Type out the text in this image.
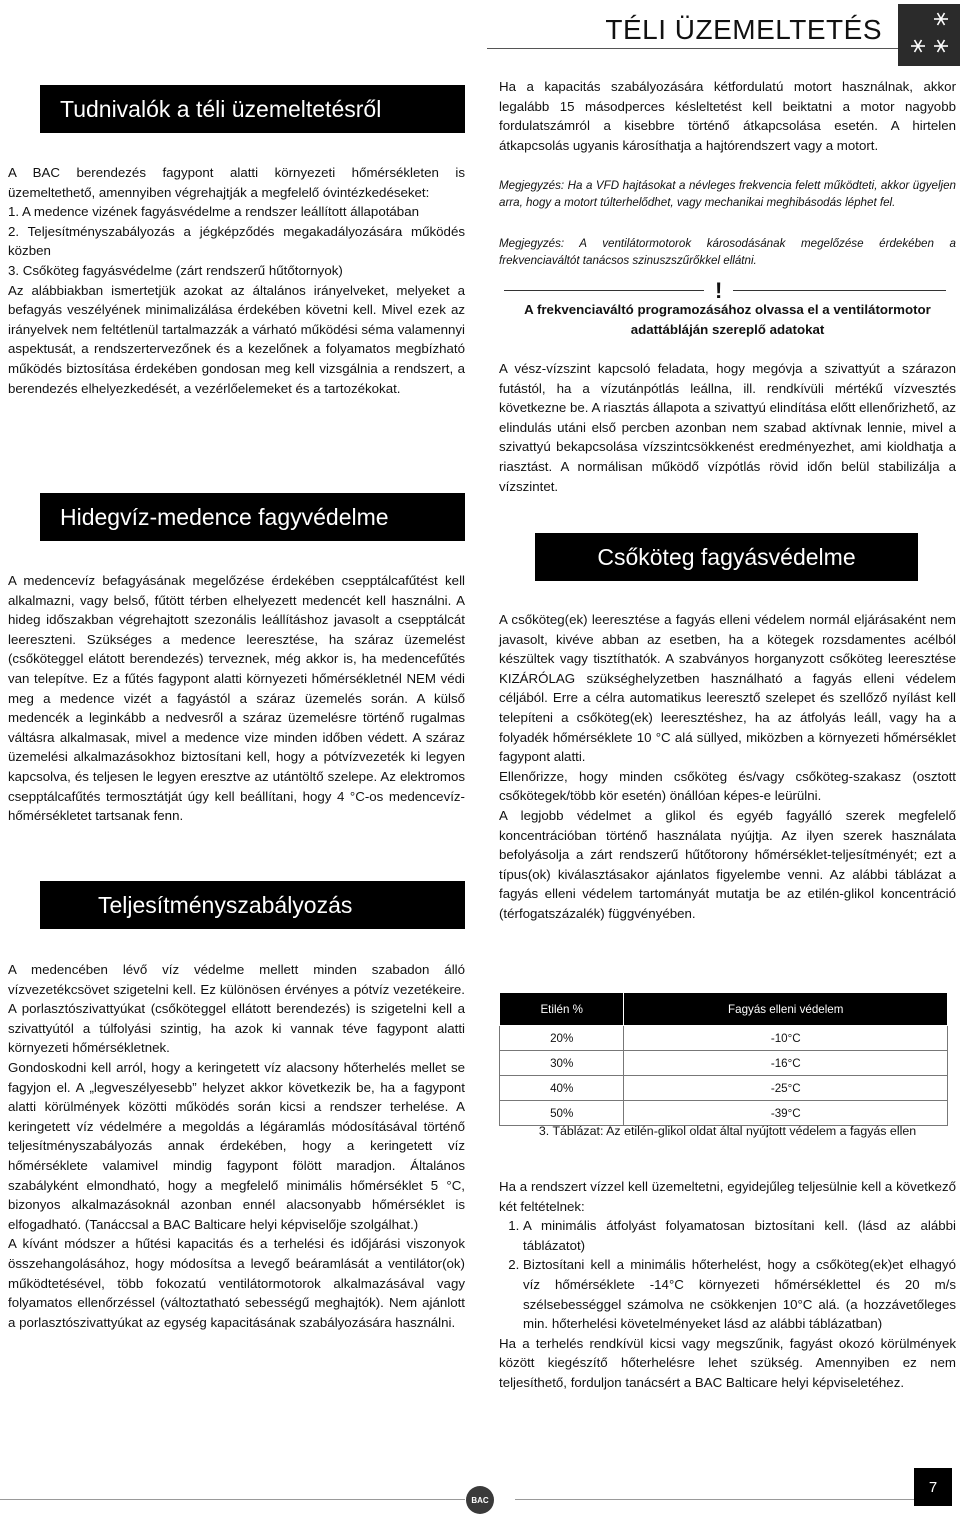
TÉLI ÜZEMELTETÉS
Tudnivalók a téli üzemeltetésről
A BAC berendezés fagypont alatti környezeti hőmérsékleten is üzemeltethető, amennyiben végrehajtják a megfelelő óvintézkedéseket:
1. A medence vizének fagyásvédelme a rendszer leállított állapotában
2. Teljesítményszabályozás a jégképződés megakadályozására működés közben
3. Csőköteg fagyásvédelme (zárt rendszerű hűtőtornyok)
Az alábbiakban ismertetjük azokat az általános irányelveket, melyeket a befagyás veszélyének minimalizálása érdekében követni kell. Mivel ezek az irányelvek nem feltétlenül tartalmazzák a várható működési séma valamennyi aspektusát, a rendszertervezőnek és a kezelőnek a folyamatos megbízható működés biztosítása érdekében gondosan meg kell vizsgálnia a rendszert, a berendezés elhelyezkedését, a vezérlőelemeket és a tartozékokat.
Hidegvíz-medence fagyvédelme
A medencevíz befagyásának megelőzése érdekében csepptálcafűtést kell alkalmazni, vagy belső, fűtött térben elhelyezett medencét kell használni. A hideg időszakban végrehajtott szezonális leállításhoz javasolt a csepptálcát leereszteni. Szükséges a medence leeresztése, ha száraz üzemelést (csőköteggel elátott berendezés) terveznek, még akkor is, ha medencefűtés van telepítve. Ez a fűtés fagypont alatti környezeti hőmérsékletnél NEM védi meg a medence vizét a fagyástól a száraz üzemelés során. A külső medencék a leginkább a nedvesről a száraz üzemelésre történő rugalmas váltásra alkalmasak, mivel a medence vize minden időben védett. A száraz üzemelési alkalmazásokhoz biztosítani kell, hogy a pótvízvezeték ki legyen kapcsolva, és teljesen le legyen eresztve az utántöltő szelepe. Az elektromos csepptálcafűtés termosztátját úgy kell beállítani, hogy 4 °C-os medencevíz-hőmérsékletet tartsanak fenn.
Teljesítményszabályozás
A medencében lévő víz védelme mellett minden szabadon álló vízvezetékcsövet szigetelni kell. Ez különösen érvényes a pótvíz vezetékeire. A porlasztószivattyúkat (csőköteggel ellátott berendezés) is szigetelni kell a szivattyútól a túlfolyási szintig, ha azok ki vannak téve fagypont alatti környezeti hőmérsékletnek.
Gondoskodni kell arról, hogy a keringetett víz alacsony hőterhelés mellet se fagyjon el. A „legveszélyesebb” helyzet akkor következik be, ha a fagypont alatti körülmények közötti működés során kicsi a rendszer terhelése. A keringetett víz védelmére a megoldás a légáramlás módosításával történő teljesítményszabályozás annak érdekében, hogy a keringetett víz hőmérséklete valamivel mindig fagypont fölött maradjon. Általános szabályként elmondható, hogy a megfelelő minimális hőmérséklet 5 °C, bizonyos alkalmazásoknál azonban ennél alacsonyabb hőmérséklet is elfogadható. (Tanáccsal a BAC Balticare helyi képviselője szolgálhat.)
A kívánt módszer a hűtési kapacitás és a terhelési és időjárási viszonyok összehangolásához, hogy módosítsa a levegő beáramlását a ventilátor(ok) működtetésével, több fokozatú ventilátormotorok alkalmazásával vagy folyamatos ellenőrzéssel (változtatható sebességű meghajtók). Nem ajánlott a porlasztószivattyúkat az egység kapacitásának szabályozására használni.
Ha a kapacitás szabályozására kétfordulatú motort használnak, akkor legalább 15 másodperces késleltetést kell beiktatni a motor nagyobb fordulatszámról a kisebbre történő átkapcsolása esetén. A hirtelen átkapcsolás ugyanis károsíthatja a hajtórendszert vagy a motort.
Megjegyzés: Ha a VFD hajtásokat a névleges frekvencia felett működteti, akkor ügyeljen arra, hogy a motort túlterhelődhet, vagy mechanikai meghibásodás léphet fel.
Megjegyzés: A ventilátormotorok károsodásának megelőzése érdekében a frekvenciaváltót tanácsos szinuszszűrőkkel ellátni.
!
A frekvenciaváltó programozásához olvassa el a ventilátormotor adattábláján szereplő adatokat
A vész-vízszint kapcsoló feladata, hogy megóvja a szivattyút a szárazon futástól, ha a vízutánpótlás leállna, ill. rendkívüli mértékű vízvesztés következne be. A riasztás állapota a szivattyú elindítása előtt ellenőrizhető, az elindulás utáni első percben azonban nem szabad aktívnak lennie, mivel a szivattyú bekapcsolása vízszintcsökkenést eredményezhet, ami kioldhatja a riasztást. A normálisan működő vízpótlás rövid időn belül stabilizálja a vízszintet.
Csőköteg fagyásvédelme
A csőköteg(ek) leeresztése a fagyás elleni védelem normál eljárásaként nem javasolt, kivéve abban az esetben, ha a kötegek rozsdamentes acélból készültek vagy tisztíthatók. A szabványos horganyzott csőköteg leeresztése KIZÁRÓLAG szükséghelyzetben használható a fagyás elleni védelem céljából. Erre a célra automatikus leeresztő szelepet és szellőző nyílást kell telepíteni a csőköteg(ek) leeresztéshez, ha az átfolyás leáll, vagy ha a folyadék hőmérséklete 10 °C alá süllyed, miközben a környezeti hőmérséklet fagypont alatti.
Ellenőrizze, hogy minden csőköteg és/vagy csőköteg-szakasz (osztott csőkötegek/több kör esetén) önállóan képes-e leürülni.
A legjobb védelmet a glikol és egyéb fagyálló szerek megfelelő koncentrációban történő használata nyújtja. Az ilyen szerek használata befolyásolja a zárt rendszerű hűtőtorony hőmérséklet-teljesítményét; ezt a típus(ok) kiválasztásakor ajánlatos figyelembe venni. Az alábbi táblázat a fagyás elleni védelem tartományát mutatja be az etilén-glikol koncentráció (térfogatszázalék) függvényében.
Etilén %	Fagyás elleni védelem
20%	-10°C
30%	-16°C
40%	-25°C
50%	-39°C
3. Táblázat: Az etilén-glikol oldat által nyújtott védelem a fagyás ellen
Ha a rendszert vízzel kell üzemeltetni, egyidejűleg teljesülnie kell a következő két feltételnek:
1. A minimális átfolyást folyamatosan biztosítani kell. (lásd az alábbi táblázatot)
2. Biztosítani kell a minimális hőterhelést, hogy a csőköteg(ek)et elhagyó víz hőmérséklete -14°C környezeti hőmérséklettel és 20 m/s szélsebességgel számolva ne csökkenjen 10°C alá. (a hozzávetőleges min. hőterhelési követelményeket lásd az alábbi táblázatban)
Ha a terhelés rendkívül kicsi vagy megszűnik, fagyást okozó körülmények között kiegészítő hőterhelésre lehet szükség. Amennyiben ez nem teljesíthető, forduljon tanácsért a BAC Balticare helyi képviseletéhez.
BAC
7
